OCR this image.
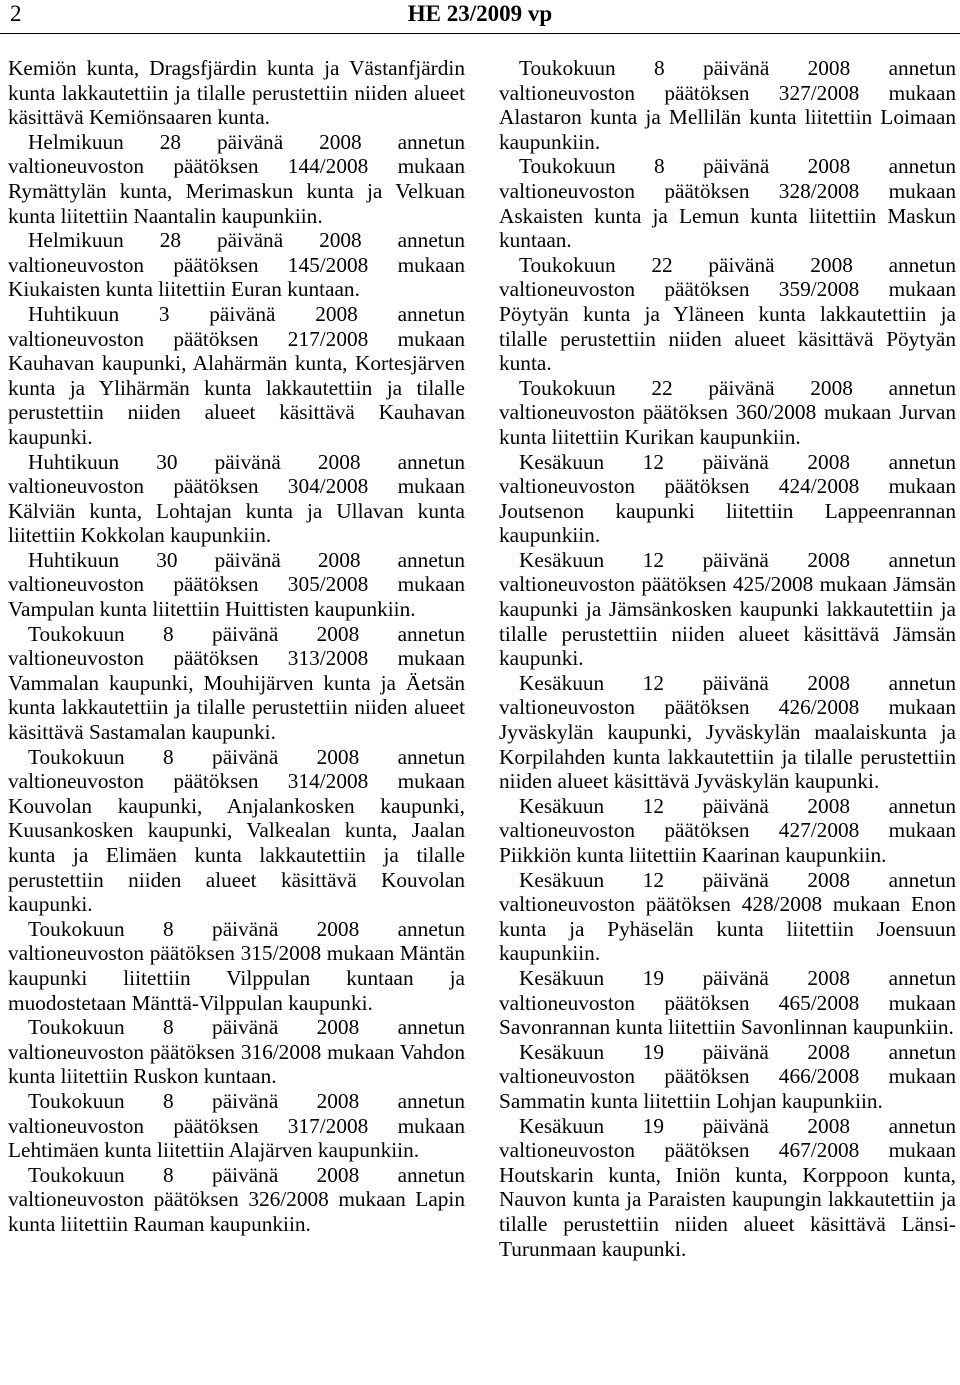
2	HE 23/2009 vp

Kemiön kunta, Dragsfjärdin kunta ja Västanfjärdin kunta lakkautettiin ja tilalle perustettiin niiden alueet käsittävä Kemiönsaaren kunta.

Helmikuun 28 päivänä 2008 annetun valtioneuvoston päätöksen 144/2008 mukaan Rymättylän kunta, Merimaskun kunta ja Velkuan kunta liitettiin Naantalin kaupunkiin.

Helmikuun 28 päivänä 2008 annetun valtioneuvoston päätöksen 145/2008 mukaan Kiukaisten kunta liitettiin Euran kuntaan.

Huhtikuun 3 päivänä 2008 annetun valtioneuvoston päätöksen 217/2008 mukaan Kauhavan kaupunki, Alahärmän kunta, Kortesjärven kunta ja Ylihärmän kunta lakkautettiin ja tilalle perustettiin niiden alueet käsittävä Kauhavan kaupunki.

Huhtikuun 30 päivänä 2008 annetun valtioneuvoston päätöksen 304/2008 mukaan Kälviän kunta, Lohtajan kunta ja Ullavan kunta liitettiin Kokkolan kaupunkiin.

Huhtikuun 30 päivänä 2008 annetun valtioneuvoston päätöksen 305/2008 mukaan Vampulan kunta liitettiin Huittisten kaupunkiin.

Toukokuun 8 päivänä 2008 annetun valtioneuvoston päätöksen 313/2008 mukaan Vammalan kaupunki, Mouhijärven kunta ja Äetsän kunta lakkautettiin ja tilalle perustettiin niiden alueet käsittävä Sastamalan kaupunki.

Toukokuun 8 päivänä 2008 annetun valtioneuvoston päätöksen 314/2008 mukaan Kouvolan kaupunki, Anjalankosken kaupunki, Kuusankosken kaupunki, Valkealan kunta, Jaalan kunta ja Elimäen kunta lakkautettiin ja tilalle perustettiin niiden alueet käsittävä Kouvolan kaupunki.

Toukokuun 8 päivänä 2008 annetun valtioneuvoston päätöksen 315/2008 mukaan Mäntän kaupunki liitettiin Vilppulan kuntaan ja muodostetaan Mänttä-Vilppulan kaupunki.

Toukokuun 8 päivänä 2008 annetun valtioneuvoston päätöksen 316/2008 mukaan Vahdon kunta liitettiin Ruskon kuntaan.

Toukokuun 8 päivänä 2008 annetun valtioneuvoston päätöksen 317/2008 mukaan Lehtimäen kunta liitettiin Alajärven kaupunkiin.

Toukokuun 8 päivänä 2008 annetun valtioneuvoston päätöksen 326/2008 mukaan Lapin kunta liitettiin Rauman kaupunkiin.

Toukokuun 8 päivänä 2008 annetun valtioneuvoston päätöksen 327/2008 mukaan Alastaron kunta ja Mellilän kunta liitettiin Loimaan kaupunkiin.

Toukokuun 8 päivänä 2008 annetun valtioneuvoston päätöksen 328/2008 mukaan Askaisten kunta ja Lemun kunta liitettiin Maskun kuntaan.

Toukokuun 22 päivänä 2008 annetun valtioneuvoston päätöksen 359/2008 mukaan Pöytyän kunta ja Yläneen kunta lakkautettiin ja tilalle perustettiin niiden alueet käsittävä Pöytyän kunta.

Toukokuun 22 päivänä 2008 annetun valtioneuvoston päätöksen 360/2008 mukaan Jurvan kunta liitettiin Kurikan kaupunkiin.

Kesäkuun 12 päivänä 2008 annetun valtioneuvoston päätöksen 424/2008 mukaan Joutsenon kaupunki liitettiin Lappeenrannan kaupunkiin.

Kesäkuun 12 päivänä 2008 annetun valtioneuvoston päätöksen 425/2008 mukaan Jämsän kaupunki ja Jämsänkosken kaupunki lakkautettiin ja tilalle perustettiin niiden alueet käsittävä Jämsän kaupunki.

Kesäkuun 12 päivänä 2008 annetun valtioneuvoston päätöksen 426/2008 mukaan Jyväskylän kaupunki, Jyväskylän maalaiskunta ja Korpilahden kunta lakkautettiin ja tilalle perustettiin niiden alueet käsittävä Jyväskylän kaupunki.

Kesäkuun 12 päivänä 2008 annetun valtioneuvoston päätöksen 427/2008 mukaan Piikkiön kunta liitettiin Kaarinan kaupunkiin.

Kesäkuun 12 päivänä 2008 annetun valtioneuvoston päätöksen 428/2008 mukaan Enon kunta ja Pyhäselän kunta liitettiin Joensuun kaupunkiin.

Kesäkuun 19 päivänä 2008 annetun valtioneuvoston päätöksen 465/2008 mukaan Savonrannan kunta liitettiin Savonlinnan kaupunkiin.

Kesäkuun 19 päivänä 2008 annetun valtioneuvoston päätöksen 466/2008 mukaan Sammatin kunta liitettiin Lohjan kaupunkiin.

Kesäkuun 19 päivänä 2008 annetun valtioneuvoston päätöksen 467/2008 mukaan Houtskarin kunta, Iniön kunta, Korppoon kunta, Nauvon kunta ja Paraisten kaupungin lakkautettiin ja tilalle perustettiin niiden alueet käsittävä Länsi-Turunmaan kaupunki.
